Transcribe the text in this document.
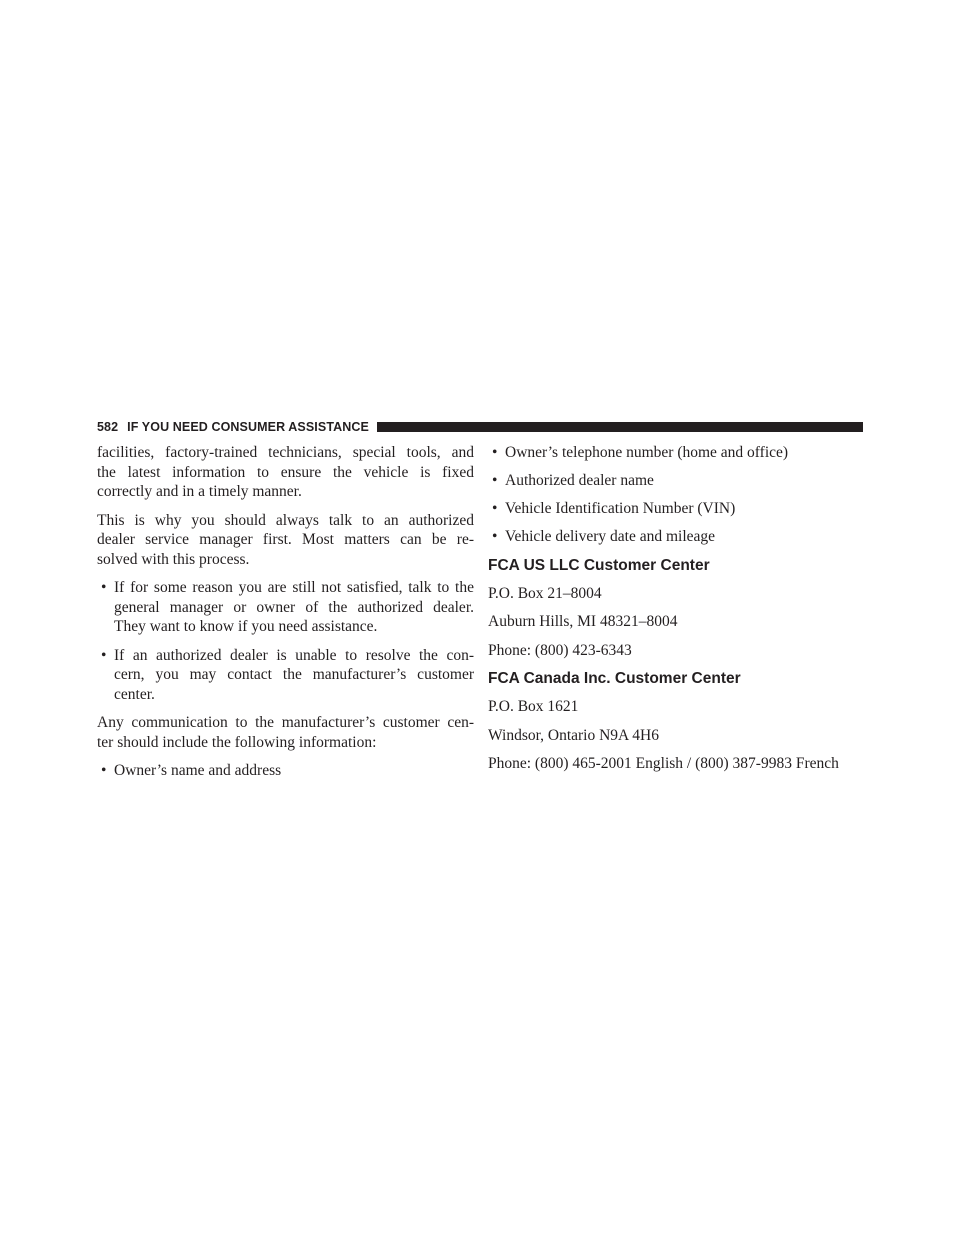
582 IF YOU NEED CONSUMER ASSISTANCE

facilities, factory-trained technicians, special tools, and
the latest information to ensure the vehicle is fixed
correctly and in a timely manner.

This is why you should always talk to an authorized
dealer service manager first. Most matters can be re-
solved with this process.

• If for some reason you are still not satisfied, talk to the
general manager or owner of the authorized dealer.
They want to know if you need assistance.
• If an authorized dealer is unable to resolve the con-
cern, you may contact the manufacturer’s customer
center.

Any communication to the manufacturer’s customer cen-
ter should include the following information:

• Owner’s name and address
• Owner’s telephone number (home and office)
• Authorized dealer name
• Vehicle Identification Number (VIN)
• Vehicle delivery date and mileage
FCA US LLC Customer Center

P.O. Box 21–8004

Auburn Hills, MI 48321–8004

Phone: (800) 423-6343

FCA Canada Inc. Customer Center

P.O. Box 1621

Windsor, Ontario N9A 4H6

Phone: (800) 465-2001 English / (800) 387-9983 French
